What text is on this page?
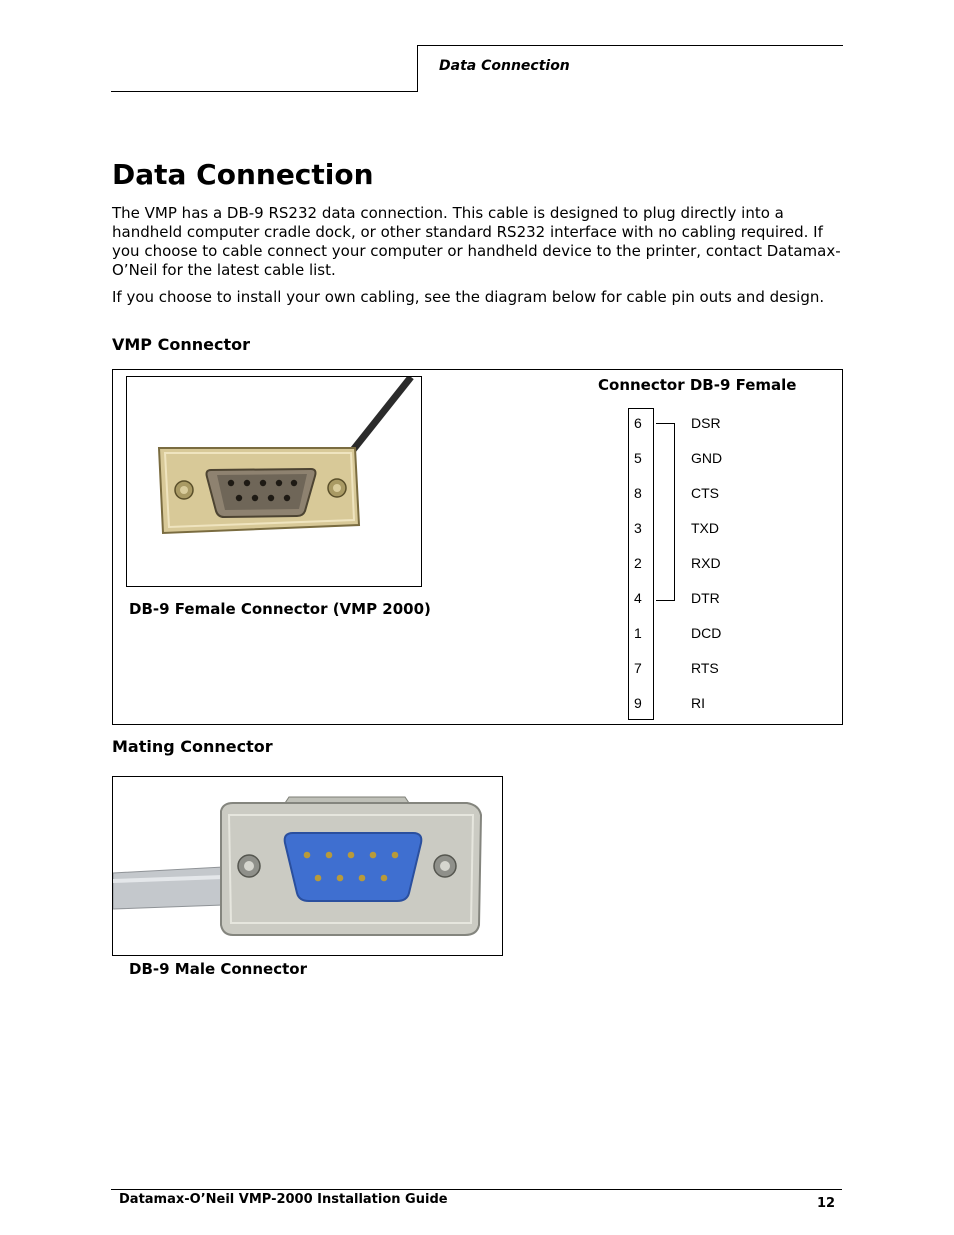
Data Connection
Data Connection

The VMP has a DB-9 RS232 data connection. This cable is designed to plug directly into a handheld computer cradle dock, or other standard RS232 interface with no cabling required. If you choose to cable connect your computer or handheld device to the printer, contact Datamax-O’Neil for the latest cable list.

If you choose to install your own cabling, see the diagram below for cable pin outs and design.

VMP Connector
DB-9 Female Connector (VMP 2000)
Connector DB-9 Female
6	DSR
5	GND
8	CTS
3	TXD
2	RXD
4	DTR
1	DCD
7	RTS
9	RI
Mating Connector
DB-9 Male Connector
Datamax-O’Neil VMP-2000 Installation Guide	12
